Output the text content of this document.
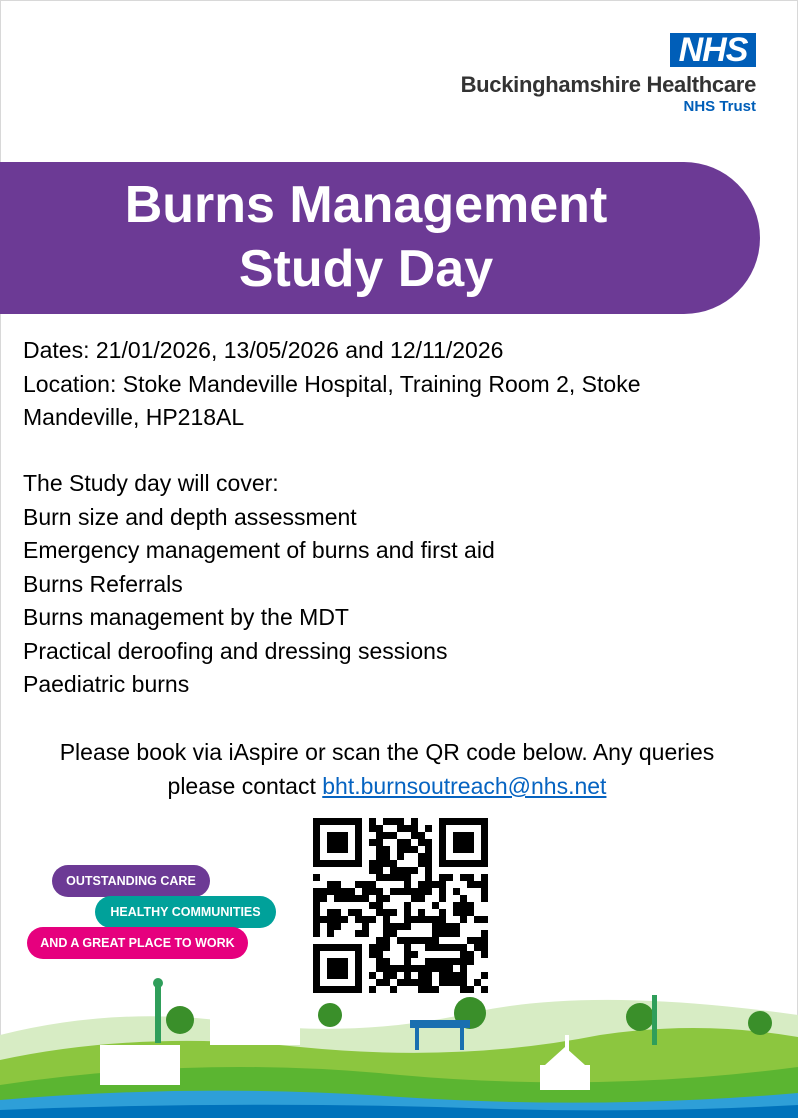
NHS
Buckinghamshire Healthcare
NHS Trust
Burns Management
Study Day
Dates: 21/01/2026, 13/05/2026 and 12/11/2026
Location: Stoke Mandeville Hospital, Training Room 2, Stoke
Mandeville, HP218AL
The Study day will cover:
Burn size and depth assessment
Emergency management of burns and first aid
Burns Referrals
Burns management by the MDT
Practical deroofing and dressing sessions
Paediatric burns
Please book via iAspire or scan the QR code below. Any queries
please contact bht.burnsoutreach@nhs.net
OUTSTANDING CARE
HEALTHY COMMUNITIES
AND A GREAT PLACE TO WORK
